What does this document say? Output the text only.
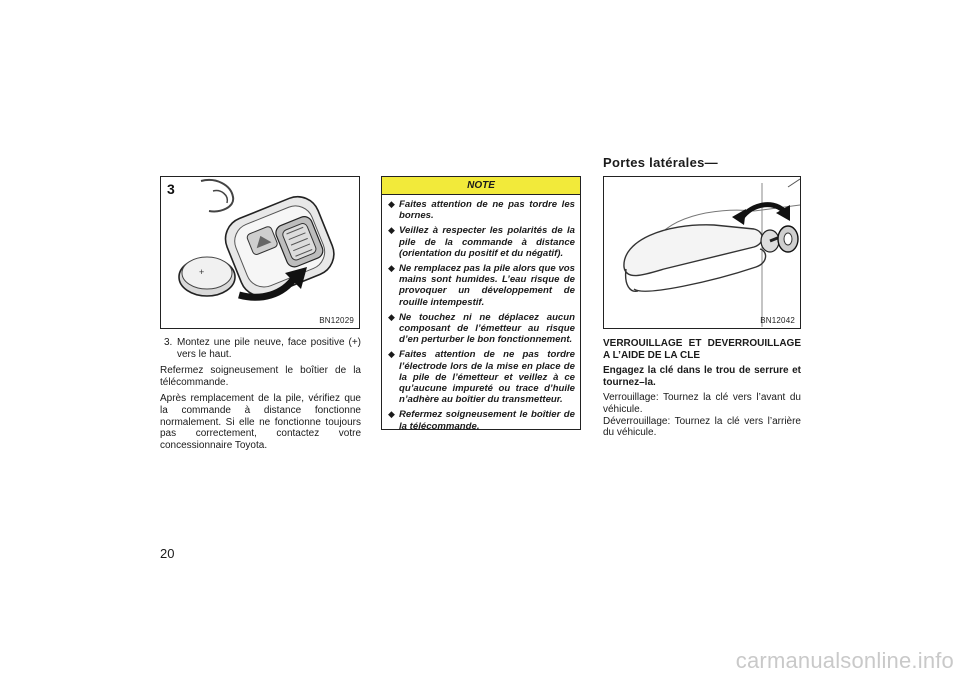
Portes latérales—
3
+
BN12029

3. Montez une pile neuve, face positive (+) vers le haut.

Refermez soigneusement le boîtier de la télécommande.

Après remplacement de la pile, vérifiez que la commande à distance fonctionne normalement. Si elle ne fonctionne toujours pas correctement, contactez votre concessionnaire Toyota.

NOTE
◆ Faites attention de ne pas tordre les bornes.
◆ Veillez à respecter les polarités de la pile de la commande à distance (orientation du positif et du négatif).
◆ Ne remplacez pas la pile alors que vos mains sont humides. L’eau risque de provoquer un développement de rouille intempestif.
◆ Ne touchez ni ne déplacez aucun composant de l’émetteur au risque d’en perturber le bon fonctionnement.
◆ Faites attention de ne pas tordre l’électrode lors de la mise en place de la pile de l’émetteur et veillez à ce qu’aucune impureté ou trace d’huile n’adhère au boîtier du transmetteur.
◆ Refermez soigneusement le boîtier de la télécommande.
BN12042
VERROUILLAGE ET DEVERROUILLAGE A L’AIDE DE LA CLE
Engagez la clé dans le trou de serrure et tournez–la.
Verrouillage: Tournez la clé vers l’avant du véhicule.
Déverrouillage: Tournez la clé vers l’arrière du véhicule.
20
carmanualsonline.info
